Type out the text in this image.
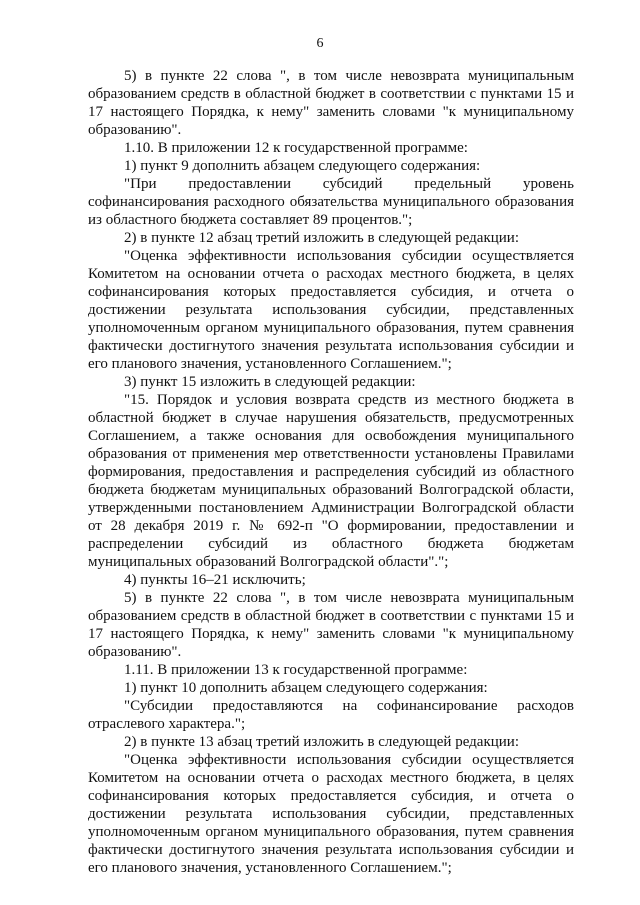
6

5) в пункте 22 слова ", в том числе невозврата муниципальным образованием средств в областной бюджет в соответствии с пунктами 15 и 17 настоящего Порядка, к нему" заменить словами "к муниципальному образованию".

1.10. В приложении 12 к государственной программе:

1) пункт 9 дополнить абзацем следующего содержания:

"При предоставлении субсидий предельный уровень софинансирования расходного обязательства муниципального образования из областного бюджета составляет 89 процентов.";

2) в пункте 12 абзац третий изложить в следующей редакции:

"Оценка эффективности использования субсидии осуществляется Комитетом на основании отчета о расходах местного бюджета, в целях софинансирования которых предоставляется субсидия, и отчета о достижении результата использования субсидии, представленных уполномоченным органом муниципального образования, путем сравнения фактически достигнутого значения результата использования субсидии и его планового значения, установленного Соглашением.";

3) пункт 15 изложить в следующей редакции:

"15. Порядок и условия возврата средств из местного бюджета в областной бюджет в случае нарушения обязательств, предусмотренных Соглашением, а также основания для освобождения муниципального образования от применения мер ответственности установлены Правилами формирования, предоставления и распределения субсидий из областного бюджета бюджетам муниципальных образований Волгоградской области, утвержденными постановлением Администрации Волгоградской области от 28 декабря 2019 г. № 692-п "О формировании, предоставлении и распределении субсидий из областного бюджета бюджетам муниципальных образований Волгоградской области".";

4) пункты 16–21 исключить;

5) в пункте 22 слова ", в том числе невозврата муниципальным образованием средств в областной бюджет в соответствии с пунктами 15 и 17 настоящего Порядка, к нему" заменить словами "к муниципальному образованию".

1.11. В приложении 13 к государственной программе:

1) пункт 10 дополнить абзацем следующего содержания:

"Субсидии предоставляются на софинансирование расходов отраслевого характера.";

2) в пункте 13 абзац третий изложить в следующей редакции:

"Оценка эффективности использования субсидии осуществляется Комитетом на основании отчета о расходах местного бюджета, в целях софинансирования которых предоставляется субсидия, и отчета о достижении результата использования субсидии, представленных уполномоченным органом муниципального образования, путем сравнения фактически достигнутого значения результата использования субсидии и его планового значения, установленного Соглашением.";
